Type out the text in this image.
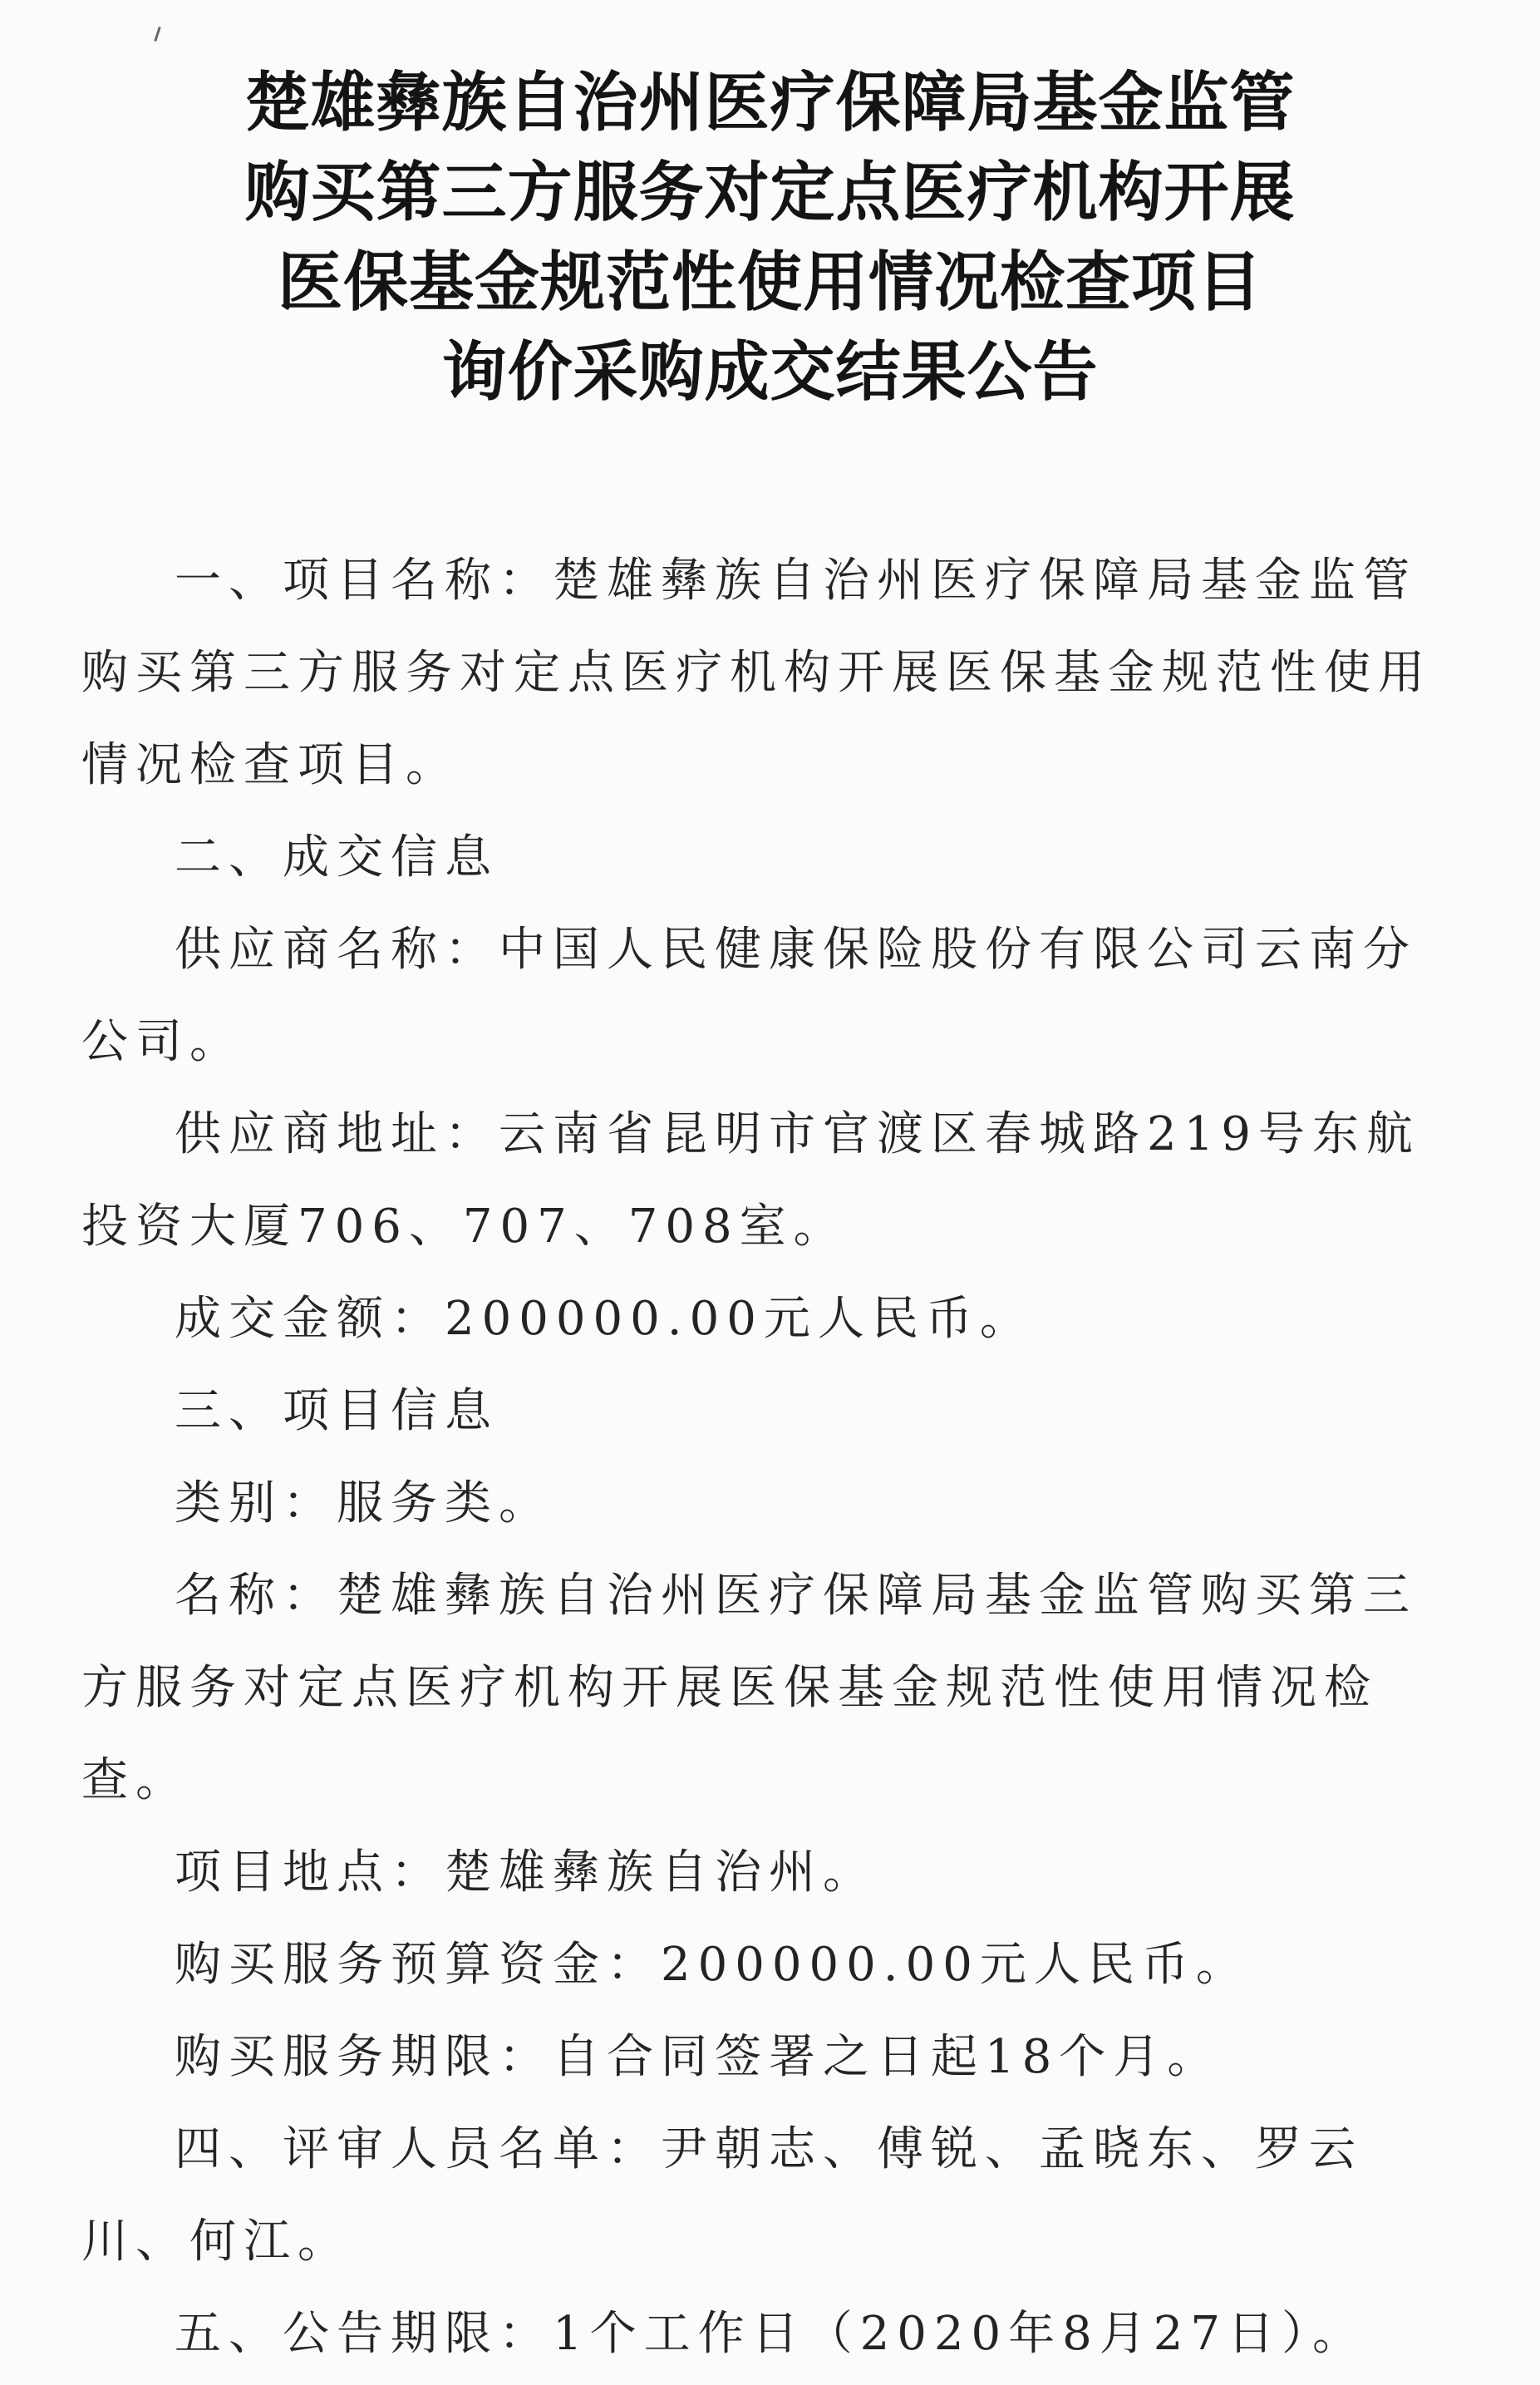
楚雄彝族自治州医疗保障局基金监管
购买第三方服务对定点医疗机构开展
医保基金规范性使用情况检查项目
询价采购成交结果公告

一、项目名称：楚雄彝族自治州医疗保障局基金监管购买第三方服务对定点医疗机构开展医保基金规范性使用情况检查项目。

二、成交信息

供应商名称：中国人民健康保险股份有限公司云南分公司。

供应商地址：云南省昆明市官渡区春城路219号东航投资大厦706、707、708室。

成交金额：200000.00元人民币。

三、项目信息

类别：服务类。

名称：楚雄彝族自治州医疗保障局基金监管购买第三方服务对定点医疗机构开展医保基金规范性使用情况检查。

项目地点：楚雄彝族自治州。

购买服务预算资金：200000.00元人民币。

购买服务期限：自合同签署之日起18个月。

四、评审人员名单：尹朝志、傅锐、孟晓东、罗云川、何江。

五、公告期限：1个工作日（2020年8月27日）。
